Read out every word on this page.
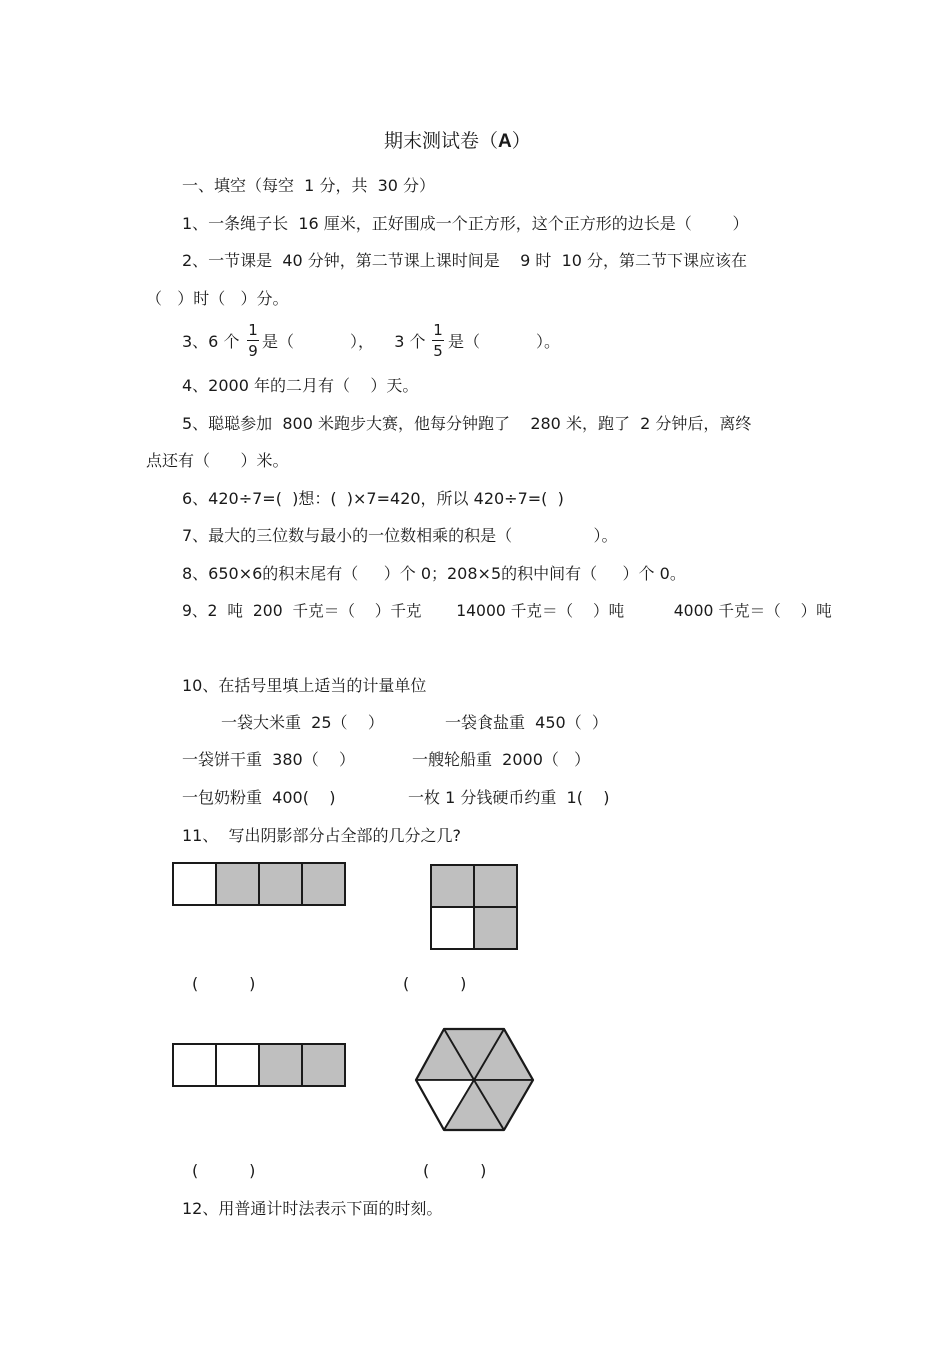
期末测试卷（A）
一、填空（每空  1 分，共  30 分）
1、一条绳子长  16 厘米，正好围成一个正方形，这个正方形的边长是（        ）
2、一节课是  40 分钟，第二节课上课时间是    9 时  10 分，第二节下课应该在
（   ）时（   ）分。
3、6 个
1
9 是（           ），    3 个
1
5 是（           ）。
4、2000 年的二月有（    ）天。
5、聪聪参加  800 米跑步大赛，他每分钟跑了    280 米，跑了  2 分钟后，离终
点还有（      ）米。
6、420÷7=(  )想：(  )×7=420，所以 420÷7=(  )
7、最大的三位数与最小的一位数相乘的积是（                ）。
8、650×6的积末尾有（     ）个 0；208×5的积中间有（     ）个 0。
9、2  吨  200  千克＝（    ）千克       14000 千克＝（    ）吨          4000 千克＝（    ）吨
10、在括号里填上适当的计量单位
一袋大米重  25（    ）	一袋食盐重  450（  ）
一袋饼干重  380（    ）	一艘轮船重  2000（   ）
一包奶粉重  400(    )	一枚 1 分钱硬币约重  1(    )
11、  写出阴影部分占全部的几分之几?
(          )	(          )
(          )	(          )
12、用普通计时法表示下面的时刻。
